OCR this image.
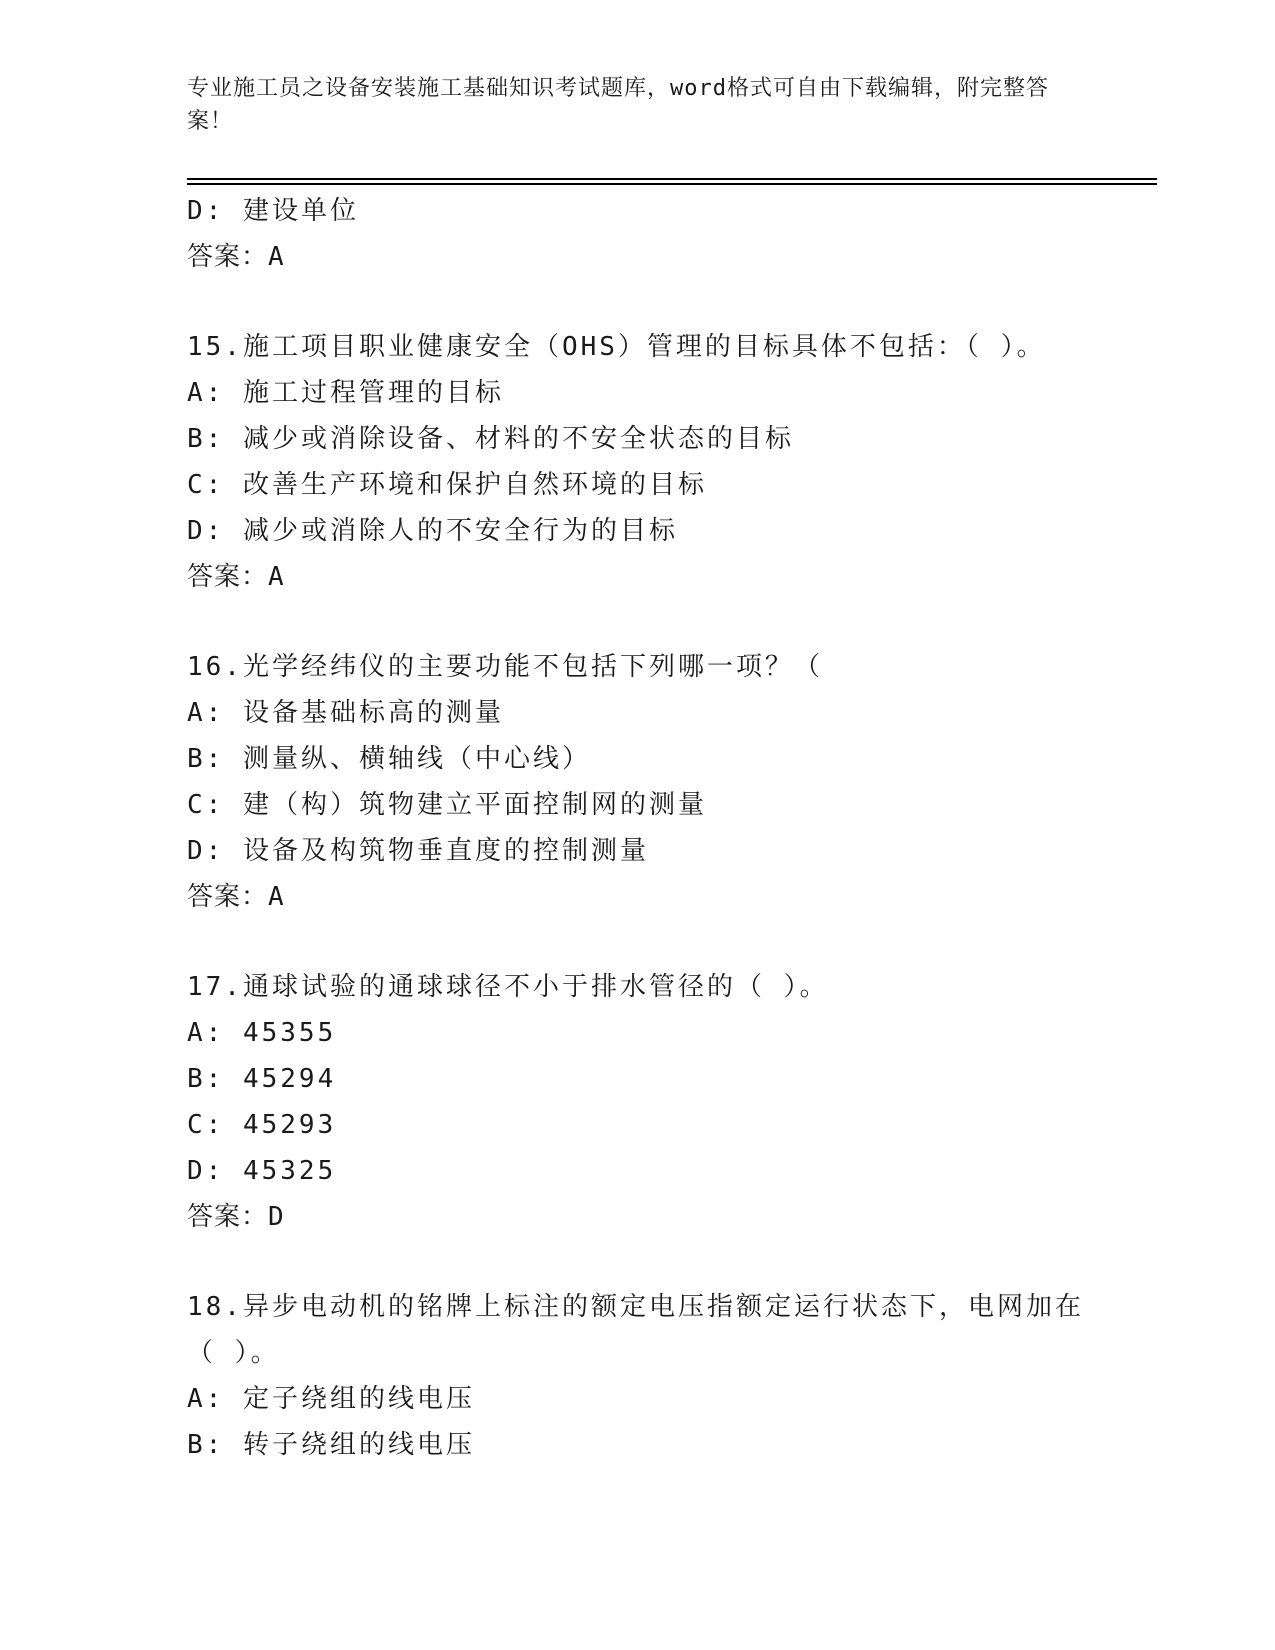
专业施工员之设备安装施工基础知识考试题库，word格式可自由下载编辑，附完整答案！
D: 建设单位
答案：A
15.施工项目职业健康安全（OHS）管理的目标具体不包括：（ ）。
A: 施工过程管理的目标
B: 减少或消除设备、材料的不安全状态的目标
C: 改善生产环境和保护自然环境的目标
D: 减少或消除人的不安全行为的目标
答案：A
16.光学经纬仪的主要功能不包括下列哪一项？（
A: 设备基础标高的测量
B: 测量纵、横轴线（中心线）
C: 建（构）筑物建立平面控制网的测量
D: 设备及构筑物垂直度的控制测量
答案：A
17.通球试验的通球球径不小于排水管径的（ ）。
A: 45355
B: 45294
C: 45293
D: 45325
答案：D
18.异步电动机的铭牌上标注的额定电压指额定运行状态下，电网加在（ ）。
A: 定子绕组的线电压
B: 转子绕组的线电压
